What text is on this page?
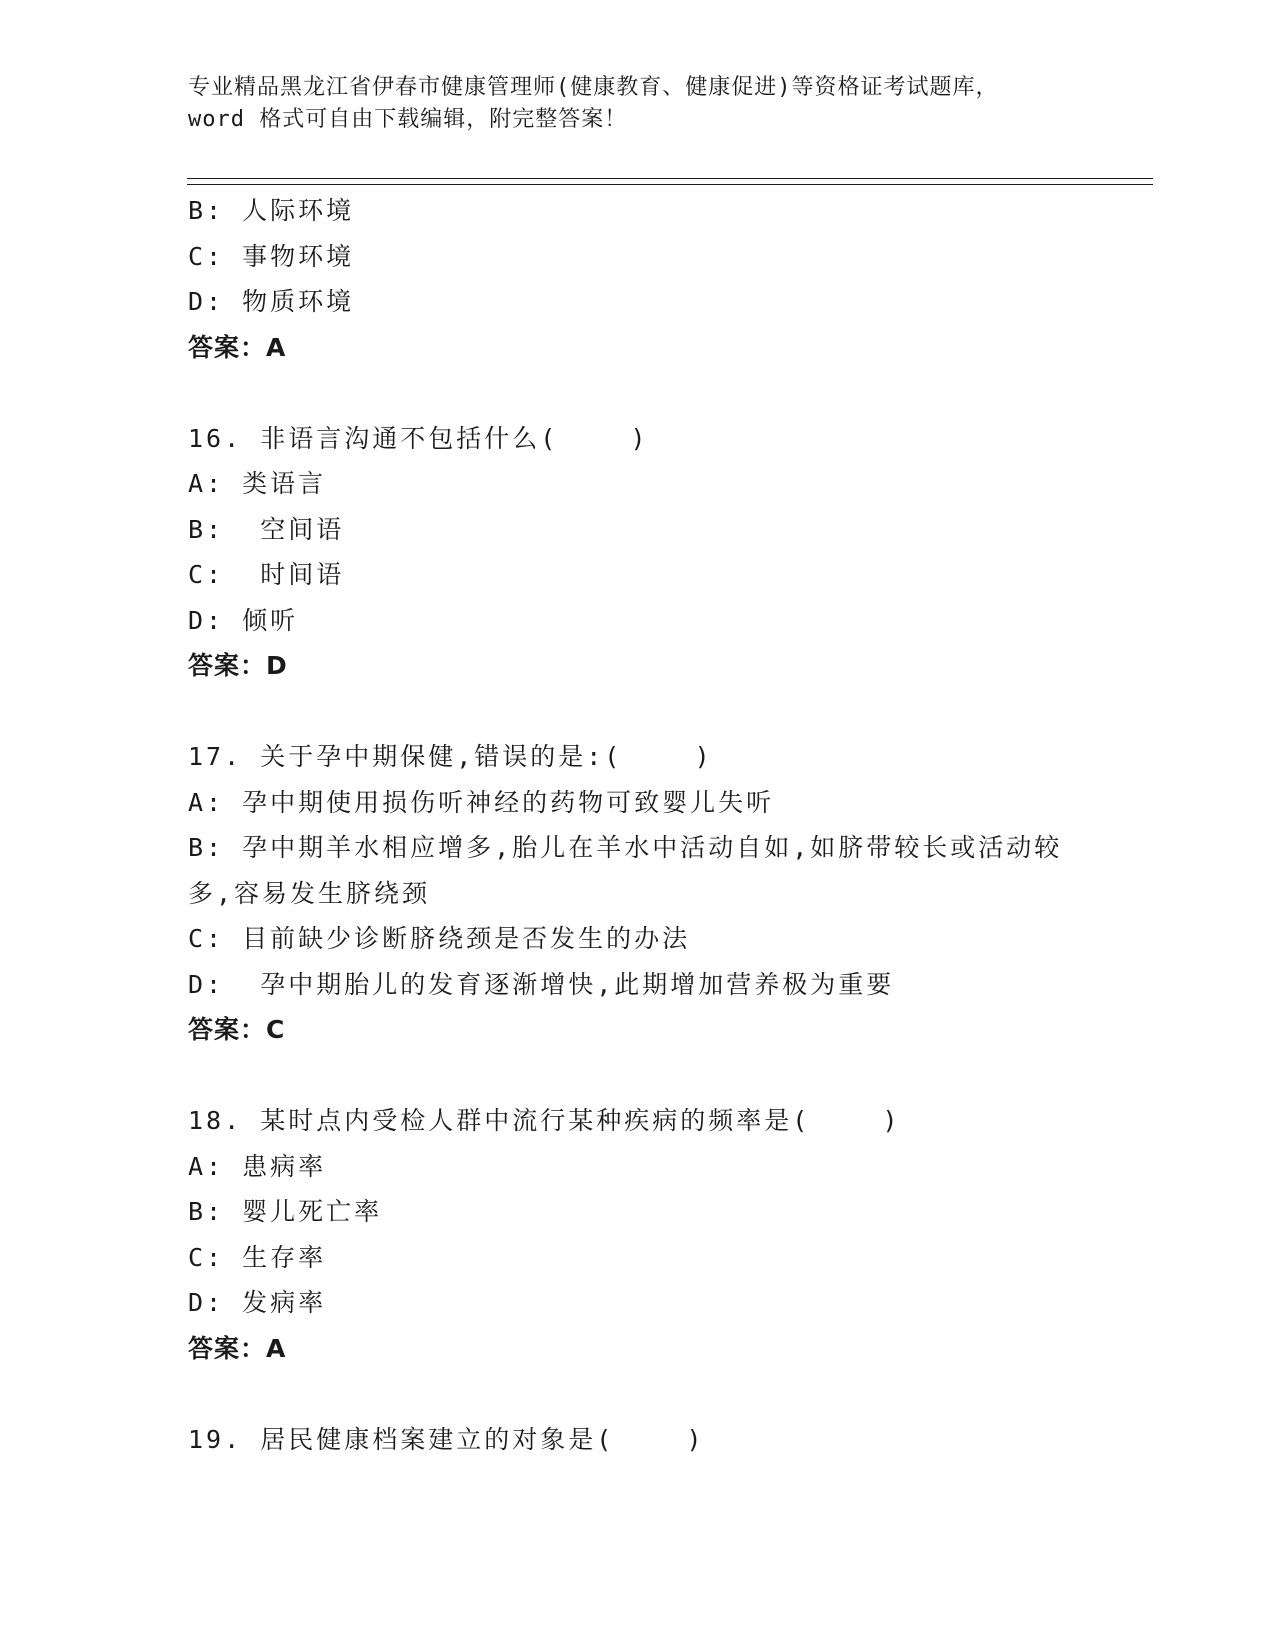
专业精品黑龙江省伊春市健康管理师(健康教育、健康促进)等资格证考试题库，
word 格式可自由下载编辑，附完整答案！
B: 人际环境
C: 事物环境
D: 物质环境
答案：A
16. 非语言沟通不包括什么(    )
A: 类语言
B:  空间语
C:  时间语
D: 倾听
答案：D
17. 关于孕中期保健,错误的是:(    )
A: 孕中期使用损伤听神经的药物可致婴儿失听
B: 孕中期羊水相应增多,胎儿在羊水中活动自如,如脐带较长或活动较
多,容易发生脐绕颈
C: 目前缺少诊断脐绕颈是否发生的办法
D:  孕中期胎儿的发育逐渐增快,此期增加营养极为重要
答案：C
18. 某时点内受检人群中流行某种疾病的频率是(    )
A: 患病率
B: 婴儿死亡率
C: 生存率
D: 发病率
答案：A
19. 居民健康档案建立的对象是(    )
